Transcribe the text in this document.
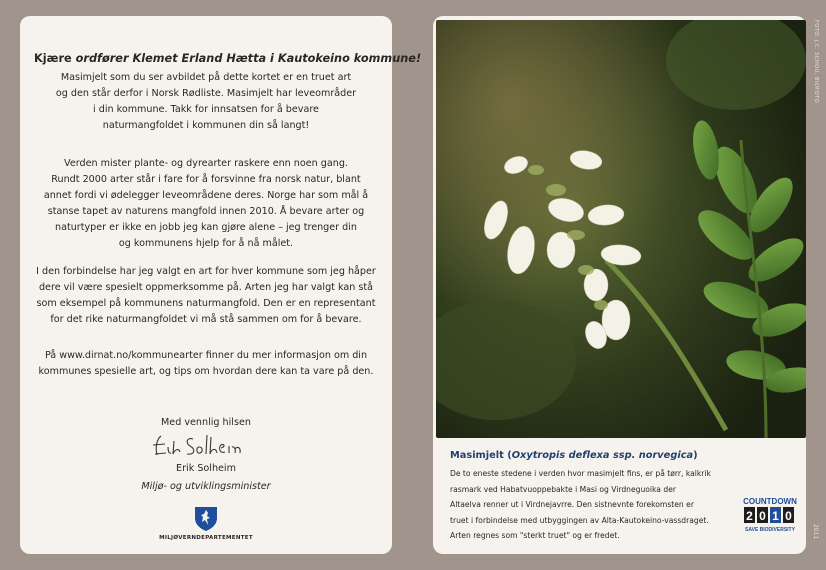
Kjære ordfører Klemet Erland Hætta i Kautokeino kommune!

Masimjelt som du ser avbildet på dette kortet er en truet art
og den står derfor i Norsk Rødliste. Masimjelt har leveområder
i din kommune. Takk for innsatsen for å bevare
naturmangfoldet i kommunen din så langt!

Verden mister plante- og dyrearter raskere enn noen gang.
Rundt 2000 arter står i fare for å forsvinne fra norsk natur, blant
annet fordi vi ødelegger leveområdene deres. Norge har som mål å
stanse tapet av naturens mangfold innen 2010. Å bevare arter og
naturtyper er ikke en jobb jeg kan gjøre alene – jeg trenger din
og kommunens hjelp for å nå målet.

I den forbindelse har jeg valgt en art for hver kommune som jeg håper
dere vil være spesielt oppmerksomme på. Arten jeg har valgt kan stå
som eksempel på kommunens naturmangfold. Den er en representant
for det rike naturmangfoldet vi må stå sammen om for å bevare.

På www.dirnat.no/kommunearter finner du mer informasjon om din
kommunes spesielle art, og tips om hvordan dere kan ta vare på den.

Med vennlig hilsen
Erik Solheim
Miljø- og utviklingsminister
MILJØVERNDEPARTEMENTET
Masimjelt (Oxytropis deflexa ssp. norvegica)

De to eneste stedene i verden hvor masimjelt fins, er på tørr, kalkrik
rasmark ved Habatvuoppebakte i Masi og Virdneguoika der
Altaelva renner ut i Virdnejavrre. Den sistnevnte forekomsten er
truet i forbindelse med utbyggingen av Alta-Kautokeino-vassdraget.
Arten regnes som "sterkt truet" og er fredet.

COUNTDOWN
2 0 1 0
SAVE BIODIVERSITY
FOTO: J.C. SCHOU, BIOFOTO
2011
